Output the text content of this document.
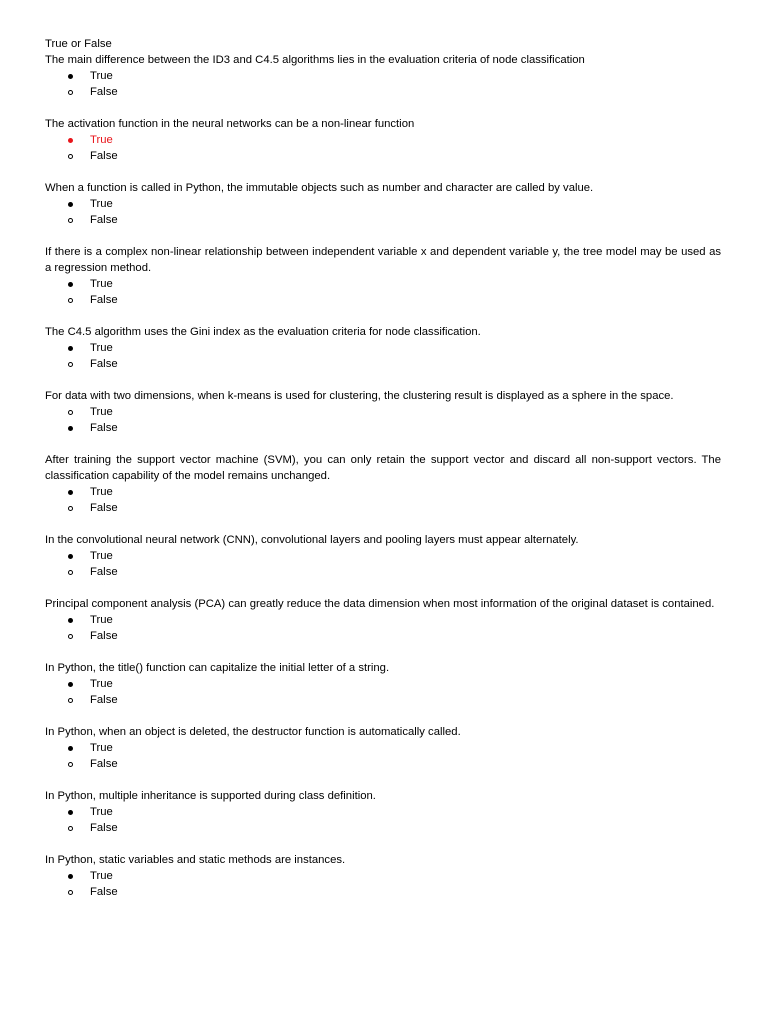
True or False
The main difference between the ID3 and C4.5 algorithms lies in the evaluation criteria of node classification
True
False
The activation function in the neural networks can be a non-linear function
True
False
When a function is called in Python, the immutable objects such as number and character are called by value.
True
False
If there is a complex non-linear relationship between independent variable x and dependent variable y, the tree model may be used as a regression method.
True
False
The C4.5 algorithm uses the Gini index as the evaluation criteria for node classification.
True
False
For data with two dimensions, when k-means is used for clustering, the clustering result is displayed as a sphere in the space.
True
False
After training the support vector machine (SVM), you can only retain the support vector and discard all non-support vectors. The classification capability of the model remains unchanged.
True
False
In the convolutional neural network (CNN), convolutional layers and pooling layers must appear alternately.
True
False
Principal component analysis (PCA) can greatly reduce the data dimension when most information of the original dataset is contained.
True
False
In Python, the title() function can capitalize the initial letter of a string.
True
False
In Python, when an object is deleted, the destructor function is automatically called.
True
False
In Python, multiple inheritance is supported during class definition.
True
False
In Python, static variables and static methods are instances.
True
False
